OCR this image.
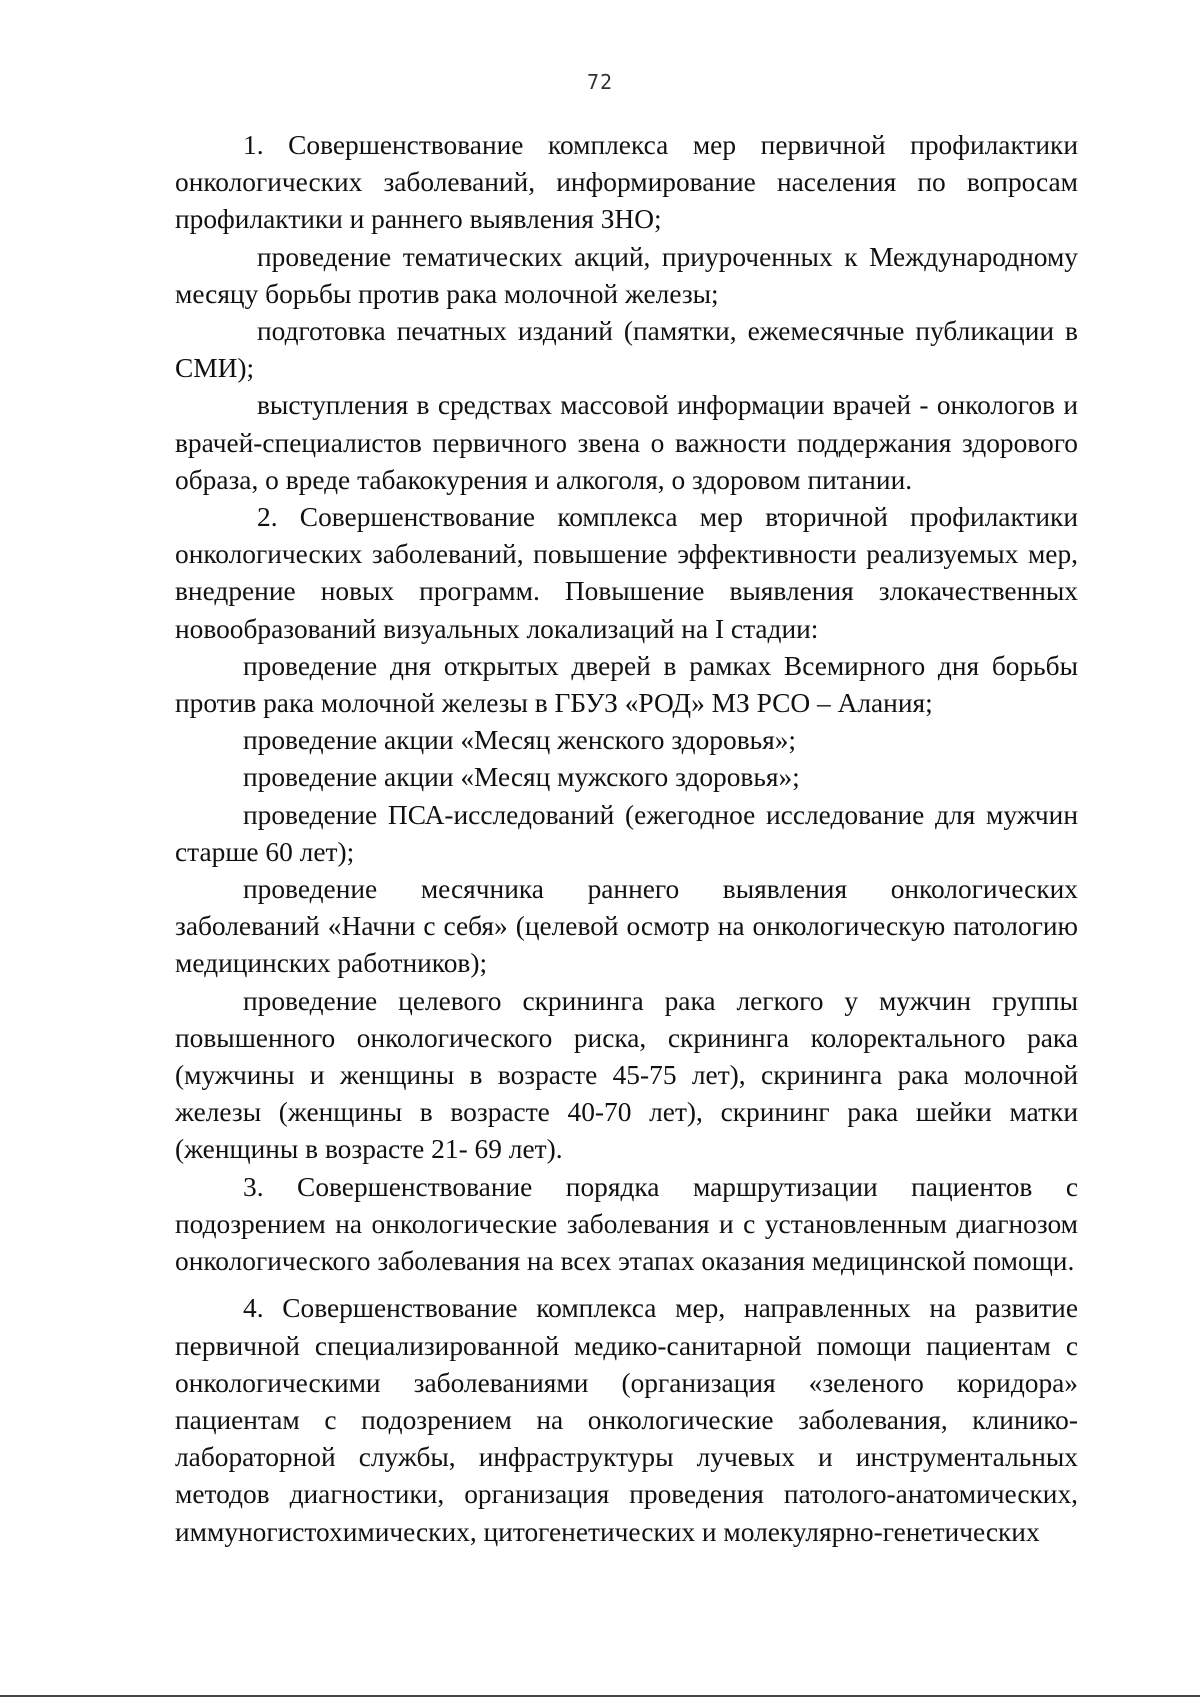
72

1. Совершенствование комплекса мер первичной профилактики онкологических заболеваний, информирование населения по вопросам профилактики и раннего выявления ЗНО;

проведение тематических акций, приуроченных к Международному месяцу борьбы против рака молочной железы;

подготовка печатных изданий (памятки, ежемесячные публикации в СМИ);

выступления в средствах массовой информации врачей - онкологов и врачей-специалистов первичного звена о важности поддержания здорового образа, о вреде табакокурения и алкоголя, о здоровом питании.

2. Совершенствование комплекса мер вторичной профилактики онкологических заболеваний, повышение эффективности реализуемых мер, внедрение новых программ. Повышение выявления злокачественных новообразований визуальных локализаций на I стадии:

проведение дня открытых дверей в рамках Всемирного дня борьбы против рака молочной железы в ГБУЗ «РОД» МЗ РСО – Алания;

проведение акции «Месяц женского здоровья»;

проведение акции «Месяц мужского здоровья»;

проведение ПСА-исследований (ежегодное исследование для мужчин старше 60 лет);

проведение месячника раннего выявления онкологических заболеваний «Начни с себя» (целевой осмотр на онкологическую патологию медицинских работников);

проведение целевого скрининга рака легкого у мужчин группы повышенного онкологического риска, скрининга колоректального рака (мужчины и женщины в возрасте 45-75 лет), скрининга рака молочной железы (женщины в возрасте 40-70 лет), скрининг рака шейки матки (женщины в возрасте 21- 69 лет).

3. Совершенствование порядка маршрутизации пациентов с подозрением на онкологические заболевания и с установленным диагнозом онкологического заболевания на всех этапах оказания медицинской помощи.

4. Совершенствование комплекса мер, направленных на развитие первичной специализированной медико-санитарной помощи пациентам с онкологическими заболеваниями (организация «зеленого коридора» пациентам с подозрением на онкологические заболевания, клинико-лабораторной службы, инфраструктуры лучевых и инструментальных методов диагностики, организация проведения патолого-анатомических, иммуногистохимических, цитогенетических и молекулярно-генетических
